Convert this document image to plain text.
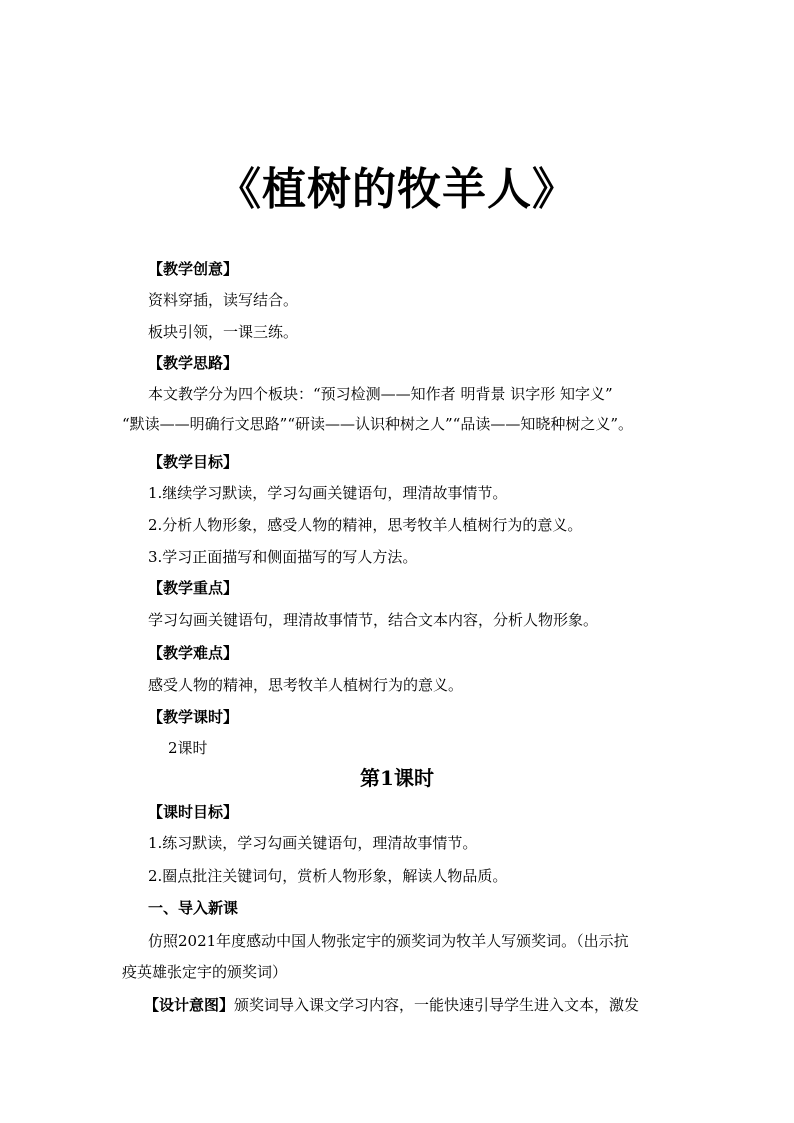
《植树的牧羊人》
【教学创意】
资料穿插，读写结合。
板块引领，一课三练。
【教学思路】
本文教学分为四个板块：“预习检测——知作者 明背景 识字形 知字义”
“默读——明确行文思路”“研读——认识种树之人”“品读——知晓种树之义”。
【教学目标】
1.继续学习默读，学习勾画关键语句，理清故事情节。
2.分析人物形象，感受人物的精神，思考牧羊人植树行为的意义。
3.学习正面描写和侧面描写的写人方法。
【教学重点】
学习勾画关键语句，理清故事情节，结合文本内容，分析人物形象。
【教学难点】
感受人物的精神，思考牧羊人植树行为的意义。
【教学课时】
2课时
第1课时
【课时目标】
1.练习默读，学习勾画关键语句，理清故事情节。
2.圈点批注关键词句，赏析人物形象，解读人物品质。
一、导入新课
仿照2021年度感动中国人物张定宇的颁奖词为牧羊人写颁奖词。（出示抗
疫英雄张定宇的颁奖词）
【设计意图】颁奖词导入课文学习内容，一能快速引导学生进入文本，激发
